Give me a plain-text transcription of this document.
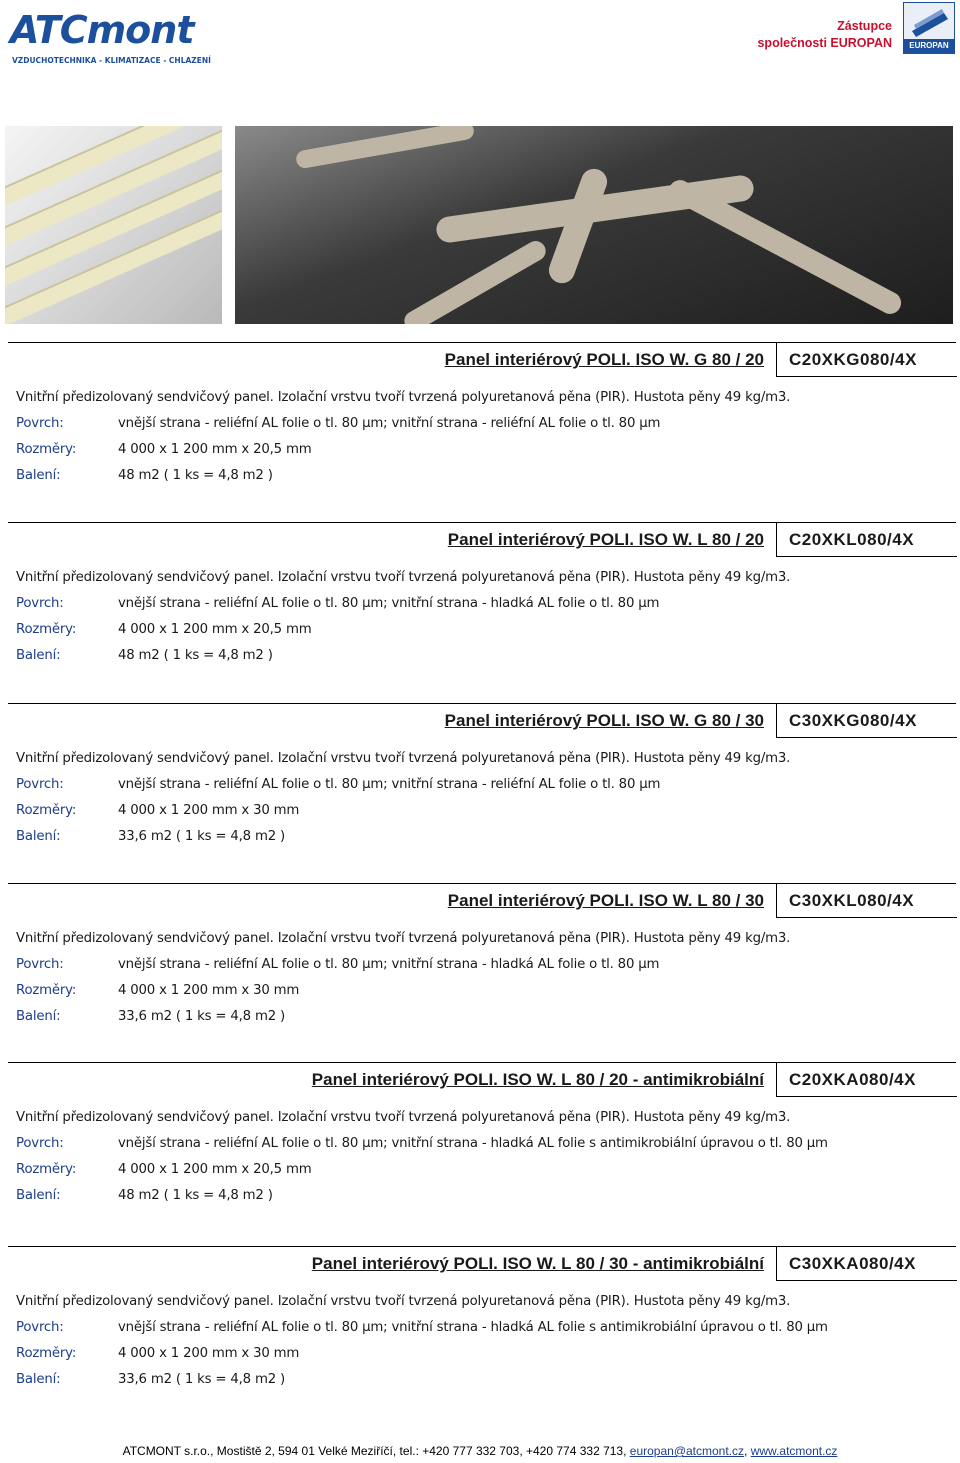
ATCmont
VZDUCHOTECHNIKA - KLIMATIZACE - CHLAZENÍ
Zástupce
společnosti EUROPAN	EUROPAN
Panel interiérový POLI. ISO W. G 80 / 20 C20XKG080/4X
Vnitřní předizolovaný sendvičový panel. Izolační vrstvu tvoří tvrzená polyuretanová pěna (PIR). Hustota pěny 49 kg/m3.
Povrch:	vnější strana - reliéfní AL folie o tl. 80 µm; vnitřní strana - reliéfní AL folie o tl. 80 µm
Rozměry:	4 000 x 1 200 mm x 20,5 mm
Balení:	48 m2 ( 1 ks = 4,8 m2 )
Panel interiérový POLI. ISO W. L 80 / 20 C20XKL080/4X
Vnitřní předizolovaný sendvičový panel. Izolační vrstvu tvoří tvrzená polyuretanová pěna (PIR). Hustota pěny 49 kg/m3.
Povrch:	vnější strana - reliéfní AL folie o tl. 80 µm; vnitřní strana - hladká AL folie o tl. 80 µm
Rozměry:	4 000 x 1 200 mm x 20,5 mm
Balení:	48 m2 ( 1 ks = 4,8 m2 )
Panel interiérový POLI. ISO W. G 80 / 30 C30XKG080/4X
Vnitřní předizolovaný sendvičový panel. Izolační vrstvu tvoří tvrzená polyuretanová pěna (PIR). Hustota pěny 49 kg/m3.
Povrch:	vnější strana - reliéfní AL folie o tl. 80 µm; vnitřní strana - reliéfní AL folie o tl. 80 µm
Rozměry:	4 000 x 1 200 mm x 30 mm
Balení:	33,6 m2 ( 1 ks = 4,8 m2 )
Panel interiérový POLI. ISO W. L 80 / 30 C30XKL080/4X
Vnitřní předizolovaný sendvičový panel. Izolační vrstvu tvoří tvrzená polyuretanová pěna (PIR). Hustota pěny 49 kg/m3.
Povrch:	vnější strana - reliéfní AL folie o tl. 80 µm; vnitřní strana - hladká AL folie o tl. 80 µm
Rozměry:	4 000 x 1 200 mm x 30 mm
Balení:	33,6 m2 ( 1 ks = 4,8 m2 )
Panel interiérový POLI. ISO W. L 80 / 20 - antimikrobiální C20XKA080/4X
Vnitřní předizolovaný sendvičový panel. Izolační vrstvu tvoří tvrzená polyuretanová pěna (PIR). Hustota pěny 49 kg/m3.
Povrch:	vnější strana - reliéfní AL folie o tl. 80 µm; vnitřní strana - hladká AL folie s antimikrobiální úpravou o tl. 80 µm
Rozměry:	4 000 x 1 200 mm x 20,5 mm
Balení:	48 m2 ( 1 ks = 4,8 m2 )
Panel interiérový POLI. ISO W. L 80 / 30 - antimikrobiální C30XKA080/4X
Vnitřní předizolovaný sendvičový panel. Izolační vrstvu tvoří tvrzená polyuretanová pěna (PIR). Hustota pěny 49 kg/m3.
Povrch:	vnější strana - reliéfní AL folie o tl. 80 µm; vnitřní strana - hladká AL folie s antimikrobiální úpravou o tl. 80 µm
Rozměry:	4 000 x 1 200 mm x 30 mm
Balení:	33,6 m2 ( 1 ks = 4,8 m2 )
ATCMONT s.r.o., Mostiště 2, 594 01 Velké Meziříčí, tel.: +420 777 332 703, +420 774 332 713, europan@atcmont.cz, www.atcmont.cz
